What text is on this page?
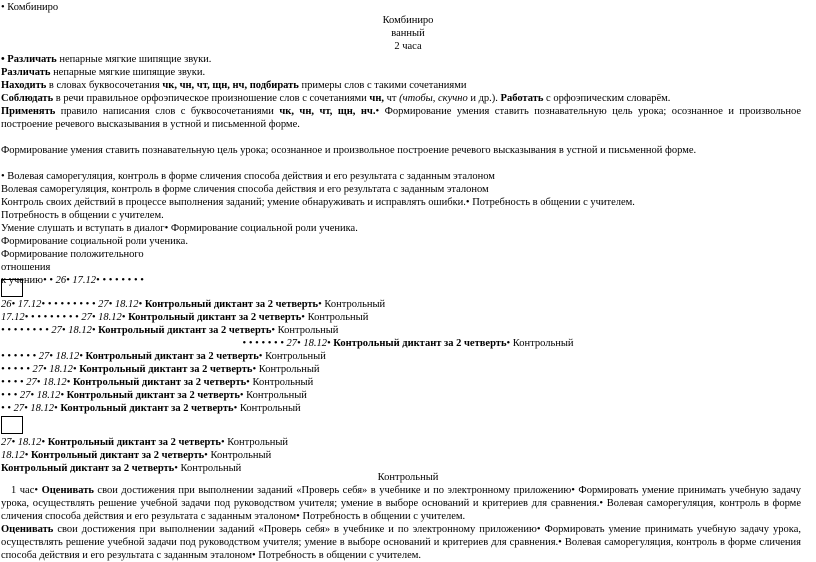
• Комбиниро
Комбиниро
ванный
2 часа
• Различать непарные мягкие шипящие звуки.
Различать непарные мягкие шипящие звуки.
Находить в словах буквосочетания чк, чн, чт, щн, нч, подбирать примеры слов с такими сочетаниями
Соблюдать в речи правильное орфоэпическое произношение слов с сочетаниями чн, чт (чтобы, скучно и др.). Работать с орфоэпическим словарём.
Применять правило написания слов с буквосочетаниями чк, чн, чт, щн, нч.• Формирование умения ставить познавательную цель урока; осознанное и произвольное построение речевого высказывания в устной и письменной форме.
Формирование умения ставить познавательную цель урока; осознанное и произвольное построение речевого высказывания в устной и письменной форме.
• Волевая саморегуляция, контроль в форме сличения способа действия и его результата с заданным эталоном
Волевая саморегуляция, контроль в форме сличения способа действия и его результата с заданным эталоном
Контроль своих действий в процессе выполнения заданий; умение обнаруживать и исправлять ошибки.• Потребность в общении с учителем.
Потребность в общении с учителем.
Умение слушать и вступать в диалог• Формирование социальной роли ученика.
Формирование социальной роли ученика.
Формирование положительного
отношения
к учению• • 26• 17.12• • • • • • • •
26• 17.12• • • • • • • • • 27• 18.12• Контрольный диктант за 2 четверть• Контрольный
17.12• • • • • • • • • 27• 18.12• Контрольный диктант за 2 четверть• Контрольный
• • • • • • • • 27• 18.12• Контрольный диктант за 2 четверть• Контрольный
• • • • • • • 27• 18.12• Контрольный диктант за 2 четверть• Контрольный
• • • • • • 27• 18.12• Контрольный диктант за 2 четверть• Контрольный
• • • • • 27• 18.12• Контрольный диктант за 2 четверть• Контрольный
• • • • 27• 18.12• Контрольный диктант за 2 четверть• Контрольный
• • • 27• 18.12• Контрольный диктант за 2 четверть• Контрольный
• • 27• 18.12• Контрольный диктант за 2 четверть• Контрольный
27• 18.12• Контрольный диктант за 2 четверть• Контрольный
18.12• Контрольный диктант за 2 четверть• Контрольный
Контрольный диктант за 2 четверть• Контрольный
Контрольный
1 час• Оценивать свои достижения при выполнении заданий «Проверь себя» в учебнике и по электронному приложению• Формировать умение принимать учебную задачу урока, осуществлять решение учебной задачи под руководством учителя; умение в выборе оснований и критериев для сравнения.• Волевая саморегуляция, контроль в форме сличения способа действия и его результата с заданным эталоном• Потребность в общении с учителем.
Оценивать свои достижения при выполнении заданий «Проверь себя» в учебнике и по электронному приложению• Формировать умение принимать учебную задачу урока, осуществлять решение учебной задачи под руководством учителя; умение в выборе оснований и критериев для сравнения.• Волевая саморегуляция, контроль в форме сличения способа действия и его результата с заданным эталоном• Потребность в общении с учителем.
